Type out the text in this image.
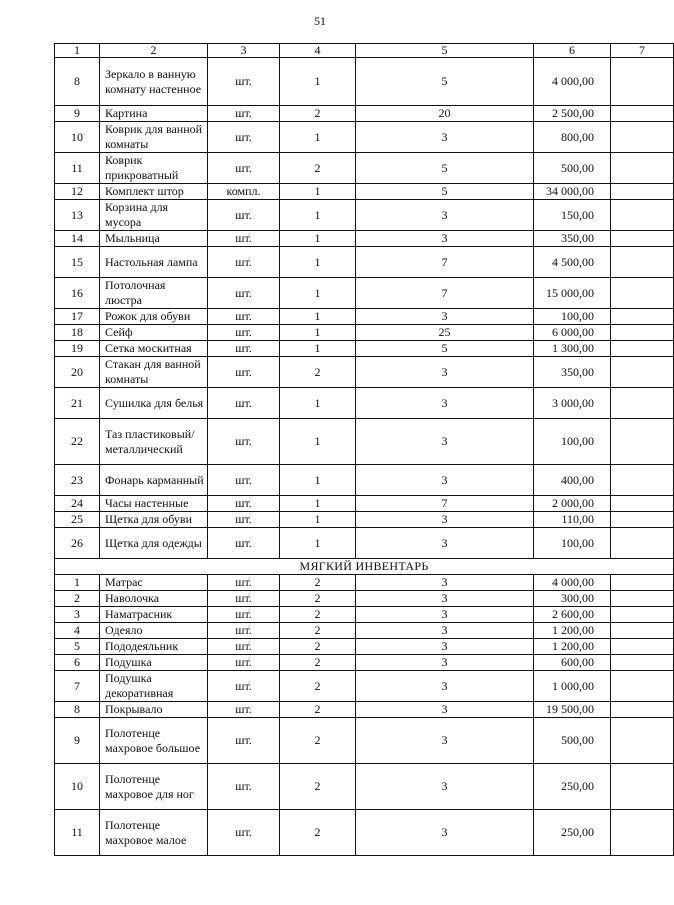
51
1	2	3	4	5	6	7
8	Зеркало в ванную комнату настенное	шт.	1	5	4 000,00	
9	Картина	шт.	2	20	2 500,00	
10	Коврик для ванной комнаты	шт.	1	3	800,00	
11	Коврик прикроватный	шт.	2	5	500,00	
12	Комплект штор	компл.	1	5	34 000,00	
13	Корзина для мусора	шт.	1	3	150,00	
14	Мыльница	шт.	1	3	350,00	
15	Настольная лампа	шт.	1	7	4 500,00	
16	Потолочная люстра	шт.	1	7	15 000,00	
17	Рожок для обуви	шт.	1	3	100,00	
18	Сейф	шт.	1	25	6 000,00	
19	Сетка москитная	шт.	1	5	1 300,00	
20	Стакан для ванной комнаты	шт.	2	3	350,00	
21	Сушилка для белья	шт.	1	3	3 000,00	
22	Таз пластиковый/ металлический	шт.	1	3	100,00	
23	Фонарь карманный	шт.	1	3	400,00	
24	Часы настенные	шт.	1	7	2 000,00	
25	Щетка для обуви	шт.	1	3	110,00	
26	Щетка для одежды	шт.	1	3	100,00	
МЯГКИЙ ИНВЕНТАРЬ						
1	Матрас	шт.	2	3	4 000,00	
2	Наволочка	шт.	2	3	300,00	
3	Наматрасник	шт.	2	3	2 600,00	
4	Одеяло	шт.	2	3	1 200,00	
5	Пододеяльник	шт.	2	3	1 200,00	
6	Подушка	шт.	2	3	600,00	
7	Подушка декоративная	шт.	2	3	1 000,00	
8	Покрывало	шт.	2	3	19 500,00	
9	Полотенце махровое большое	шт.	2	3	500,00	
10	Полотенце махровое для ног	шт.	2	3	250,00	
11	Полотенце махровое малое	шт.	2	3	250,00	
